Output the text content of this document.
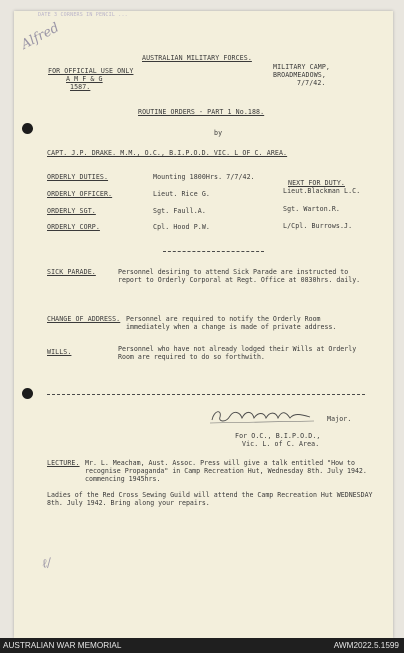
DATE 3 CORNERS IN PENCIL ...
Alfred
AUSTRALIAN MILITARY FORCES.
FOR OFFICIAL USE ONLY
A M F & G
1587.
MILITARY CAMP,
BROADMEADOWS,
7/7/42.
ROUTINE ORDERS - PART 1 No.188.
by
CAPT. J.P. DRAKE. M.M., O.C., B.I.P.O.D. VIC. L OF C. AREA.
ORDERLY DUTIES.	Mounting 1800Hrs. 7/7/42.
NEXT FOR DUTY.
ORDERLY OFFICER.	Lieut. Rice G.	Lieut.Blackman L.C.
ORDERLY SGT.	Sgt. Faull.A.	Sgt. Warton.R.
ORDERLY CORP.	Cpl. Hood P.W.	L/Cpl. Burrows.J.
SICK PARADE.	Personnel desiring to attend Sick Parade are instructed to report to Orderly Corporal at Regt. Office at 0830hrs. daily.
CHANGE OF ADDRESS. Personnel are required to notify the Orderly Room immediately when a change is made of private address.
WILLS.	Personnel who have not already lodged their Wills at Orderly Room are required to do so forthwith.
Major.
For O.C., B.I.P.O.D.,
Vic. L. of C. Area.
LECTURE. Mr. L. Meacham, Aust. Assoc. Press will give a talk entitled "How to recognise Propaganda" in Camp Recreation Hut, Wednesday 8th. July 1942. commencing 1945hrs.
Ladies of the Red Cross Sewing Guild will attend the Camp Recreation Hut WEDNESDAY 8th. July 1942. Bring along your repairs.
ℓ/
AUSTRALIAN WAR MEMORIAL	AWM2022.5.1599
